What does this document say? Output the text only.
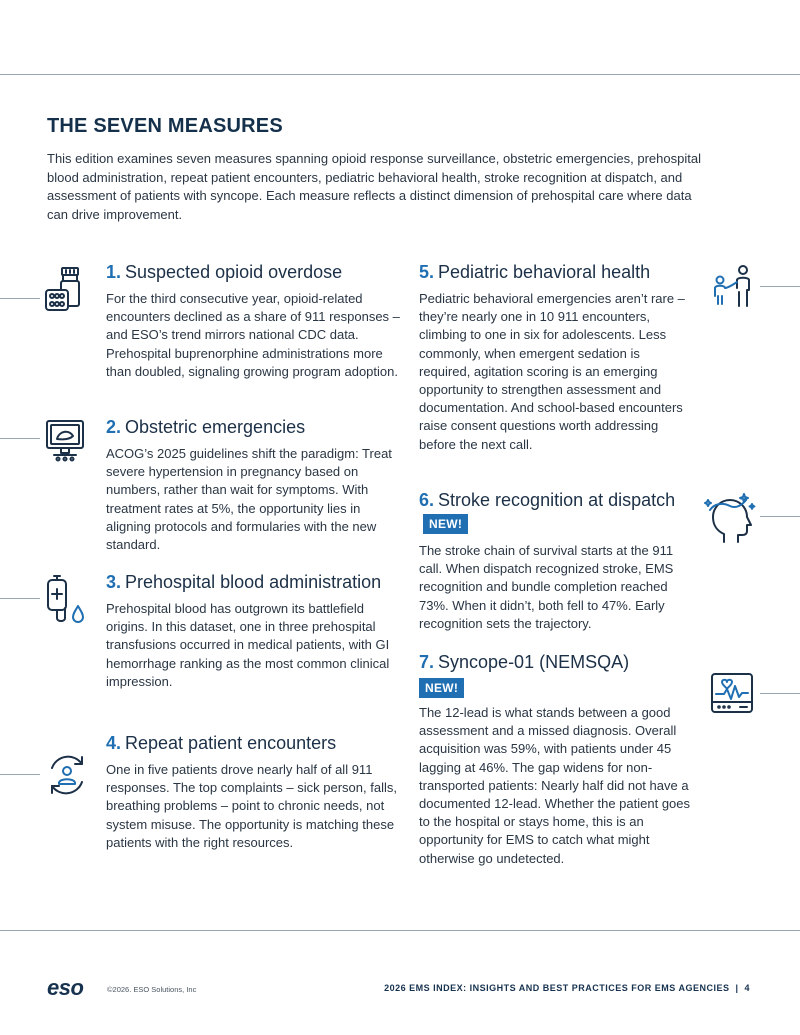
THE SEVEN MEASURES

This edition examines seven measures spanning opioid response surveillance, obstetric emergencies, prehospital blood administration, repeat patient encounters, pediatric behavioral health, stroke recognition at dispatch, and assessment of patients with syncope. Each measure reflects a distinct dimension of prehospital care where data can drive improvement.

1. Suspected opioid overdose

For the third consecutive year, opioid-related encounters declined as a share of 911 responses – and ESO’s trend mirrors national CDC data. Prehospital buprenorphine administrations more than doubled, signaling growing program adoption.

2. Obstetric emergencies

ACOG’s 2025 guidelines shift the paradigm: Treat severe hypertension in pregnancy based on numbers, rather than wait for symptoms. With treatment rates at 5%, the opportunity lies in aligning protocols and formularies with the new standard.

3. Prehospital blood administration

Prehospital blood has outgrown its battlefield origins. In this dataset, one in three prehospital transfusions occurred in medical patients, with GI hemorrhage ranking as the most common clinical impression.

4. Repeat patient encounters

One in five patients drove nearly half of all 911 responses. The top complaints – sick person, falls, breathing problems – point to chronic needs, not system misuse. The opportunity is matching these patients with the right resources.

5. Pediatric behavioral health

Pediatric behavioral emergencies aren’t rare – they’re nearly one in 10 911 encounters, climbing to one in six for adolescents. Less commonly, when emergent sedation is required, agitation scoring is an emerging opportunity to strengthen assessment and documentation. And school-based encounters raise consent questions worth addressing before the next call.

6. Stroke recognition at dispatchNEW!

The stroke chain of survival starts at the 911 call. When dispatch recognized stroke, EMS recognition and bundle completion reached 73%. When it didn’t, both fell to 47%. Early recognition sets the trajectory.

7. Syncope-01 (NEMSQA)
NEW!

The 12-lead is what stands between a good assessment and a missed diagnosis. Overall acquisition was 59%, with patients under 45 lagging at 46%. The gap widens for non-transported patients: Nearly half did not have a documented 12-lead. Whether the patient goes to the hospital or stays home, this is an opportunity for EMS to catch what might otherwise go undetected.

eso	©2026. ESO Solutions, Inc	2026 EMS INDEX: INSIGHTS AND BEST PRACTICES FOR EMS AGENCIES  |  4
